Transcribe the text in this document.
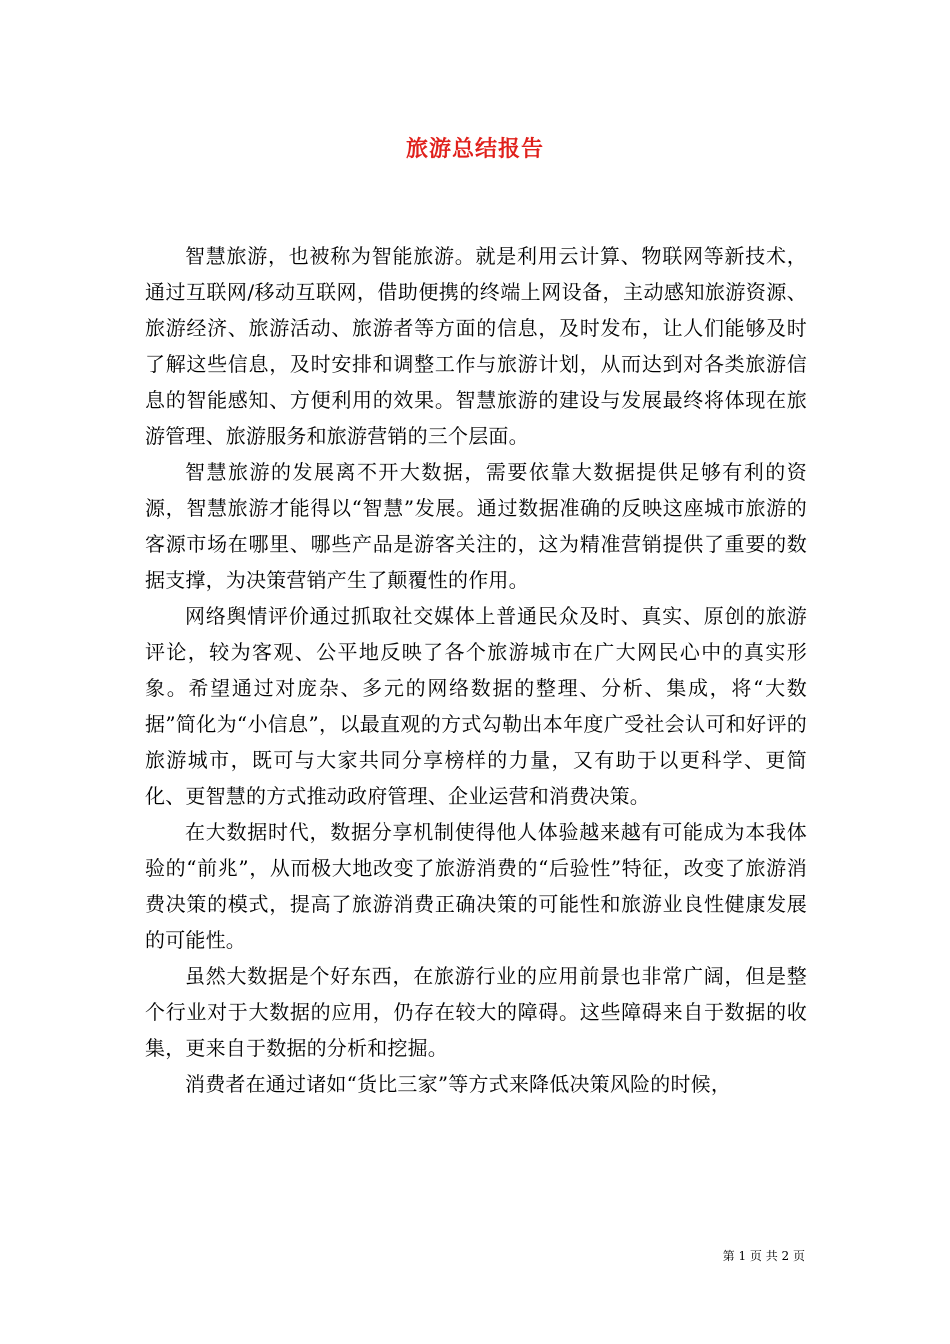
旅游总结报告

智慧旅游，也被称为智能旅游。就是利用云计算、物联网等新技术，通过互联网/移动互联网，借助便携的终端上网设备，主动感知旅游资源、旅游经济、旅游活动、旅游者等方面的信息，及时发布，让人们能够及时了解这些信息，及时安排和调整工作与旅游计划，从而达到对各类旅游信息的智能感知、方便利用的效果。智慧旅游的建设与发展最终将体现在旅游管理、旅游服务和旅游营销的三个层面。

智慧旅游的发展离不开大数据，需要依靠大数据提供足够有利的资源，智慧旅游才能得以“智慧”发展。通过数据准确的反映这座城市旅游的客源市场在哪里、哪些产品是游客关注的，这为精准营销提供了重要的数据支撑，为决策营销产生了颠覆性的作用。

网络舆情评价通过抓取社交媒体上普通民众及时、真实、原创的旅游评论，较为客观、公平地反映了各个旅游城市在广大网民心中的真实形象。希望通过对庞杂、多元的网络数据的整理、分析、集成，将“大数据”简化为“小信息”，以最直观的方式勾勒出本年度广受社会认可和好评的旅游城市，既可与大家共同分享榜样的力量，又有助于以更科学、更简化、更智慧的方式推动政府管理、企业运营和消费决策。

在大数据时代，数据分享机制使得他人体验越来越有可能成为本我体验的“前兆”，从而极大地改变了旅游消费的“后验性”特征，改变了旅游消费决策的模式，提高了旅游消费正确决策的可能性和旅游业良性健康发展的可能性。

虽然大数据是个好东西，在旅游行业的应用前景也非常广阔，但是整个行业对于大数据的应用，仍存在较大的障碍。这些障碍来自于数据的收集，更来自于数据的分析和挖掘。

消费者在通过诸如“货比三家”等方式来降低决策风险的时候，

第 1 页 共 2 页
